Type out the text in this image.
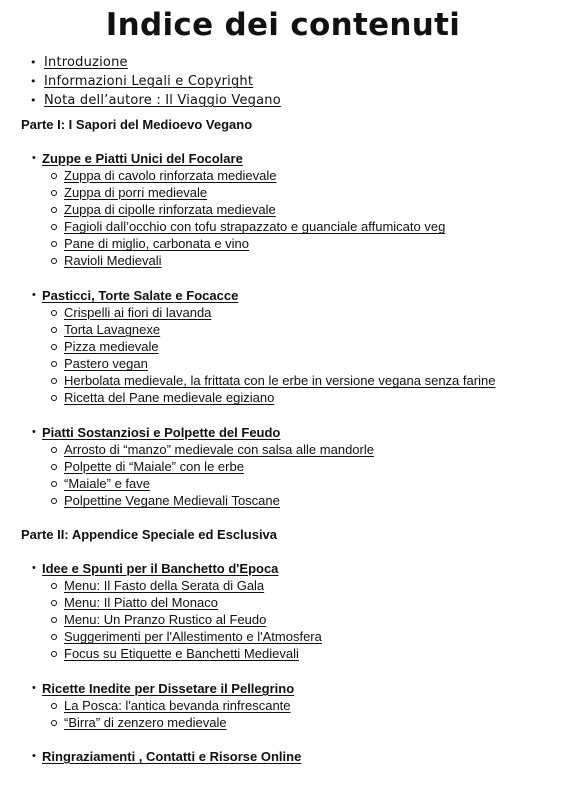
Indice dei contenuti
• Introduzione
• Informazioni Legali e Copyright
• Nota dell’autore : Il Viaggio Vegano

Parte I: I Sapori del Medioevo Vegano

• Zuppe e Piatti Unici del Focolare
Zuppa di cavolo rinforzata medievale
Zuppa di porri medievale
Zuppa di cipolle rinforzata medievale
Fagioli dall’occhio con tofu strapazzato e guanciale affumicato veg
Pane di miglio, carbonata e vino
Ravioli Medievali
• Pasticci, Torte Salate e Focacce
Crispelli ai fiori di lavanda
Torta Lavagnexe
Pizza medievale
Pastero vegan
Herbolata medievale, la frittata con le erbe in versione vegana senza farine
Ricetta del Pane medievale egiziano
• Piatti Sostanziosi e Polpette del Feudo
Arrosto di “manzo” medievale con salsa alle mandorle
Polpette di “Maiale” con le erbe
“Maiale” e fave
Polpettine Vegane Medievali Toscane

Parte II: Appendice Speciale ed Esclusiva

• Idee e Spunti per il Banchetto d'Epoca
Menu: Il Fasto della Serata di Gala
Menu: Il Piatto del Monaco
Menu: Un Pranzo Rustico al Feudo
Suggerimenti per l'Allestimento e l'Atmosfera
Focus su Etiquette e Banchetti Medievali
• Ricette Inedite per Dissetare il Pellegrino
La Posca: l'antica bevanda rinfrescante
“Birra” di zenzero medievale
• Ringraziamenti , Contatti e Risorse Online
